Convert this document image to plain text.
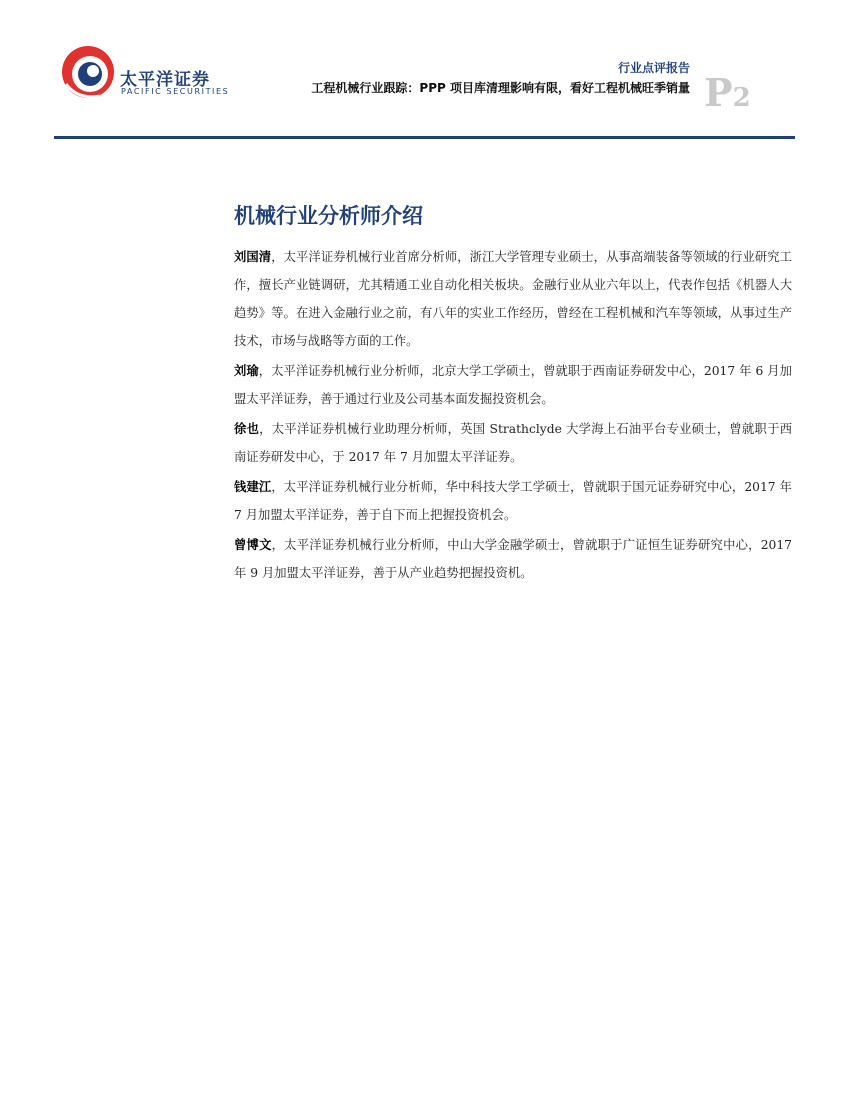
太平洋证券
PACIFIC SECURITIES
行业点评报告
工程机械行业跟踪：PPP 项目库清理影响有限，看好工程机械旺季销量 P2
机械行业分析师介绍

刘国清，太平洋证券机械行业首席分析师，浙江大学管理专业硕士，从事高端装备等领域的行业研究工作，擅长产业链调研，尤其精通工业自动化相关板块。金融行业从业六年以上，代表作包括《机器人大趋势》等。在进入金融行业之前，有八年的实业工作经历，曾经在工程机械和汽车等领域，从事过生产技术，市场与战略等方面的工作。

刘瑜，太平洋证券机械行业分析师，北京大学工学硕士，曾就职于西南证券研发中心，2017 年 6 月加盟太平洋证券，善于通过行业及公司基本面发掘投资机会。

徐也，太平洋证券机械行业助理分析师，英国 Strathclyde 大学海上石油平台专业硕士，曾就职于西南证券研发中心，于 2017 年 7 月加盟太平洋证券。

钱建江，太平洋证券机械行业分析师，华中科技大学工学硕士，曾就职于国元证券研究中心，2017 年 7 月加盟太平洋证券，善于自下而上把握投资机会。

曾博文，太平洋证券机械行业分析师，中山大学金融学硕士，曾就职于广证恒生证券研究中心，2017 年 9 月加盟太平洋证券，善于从产业趋势把握投资机。
